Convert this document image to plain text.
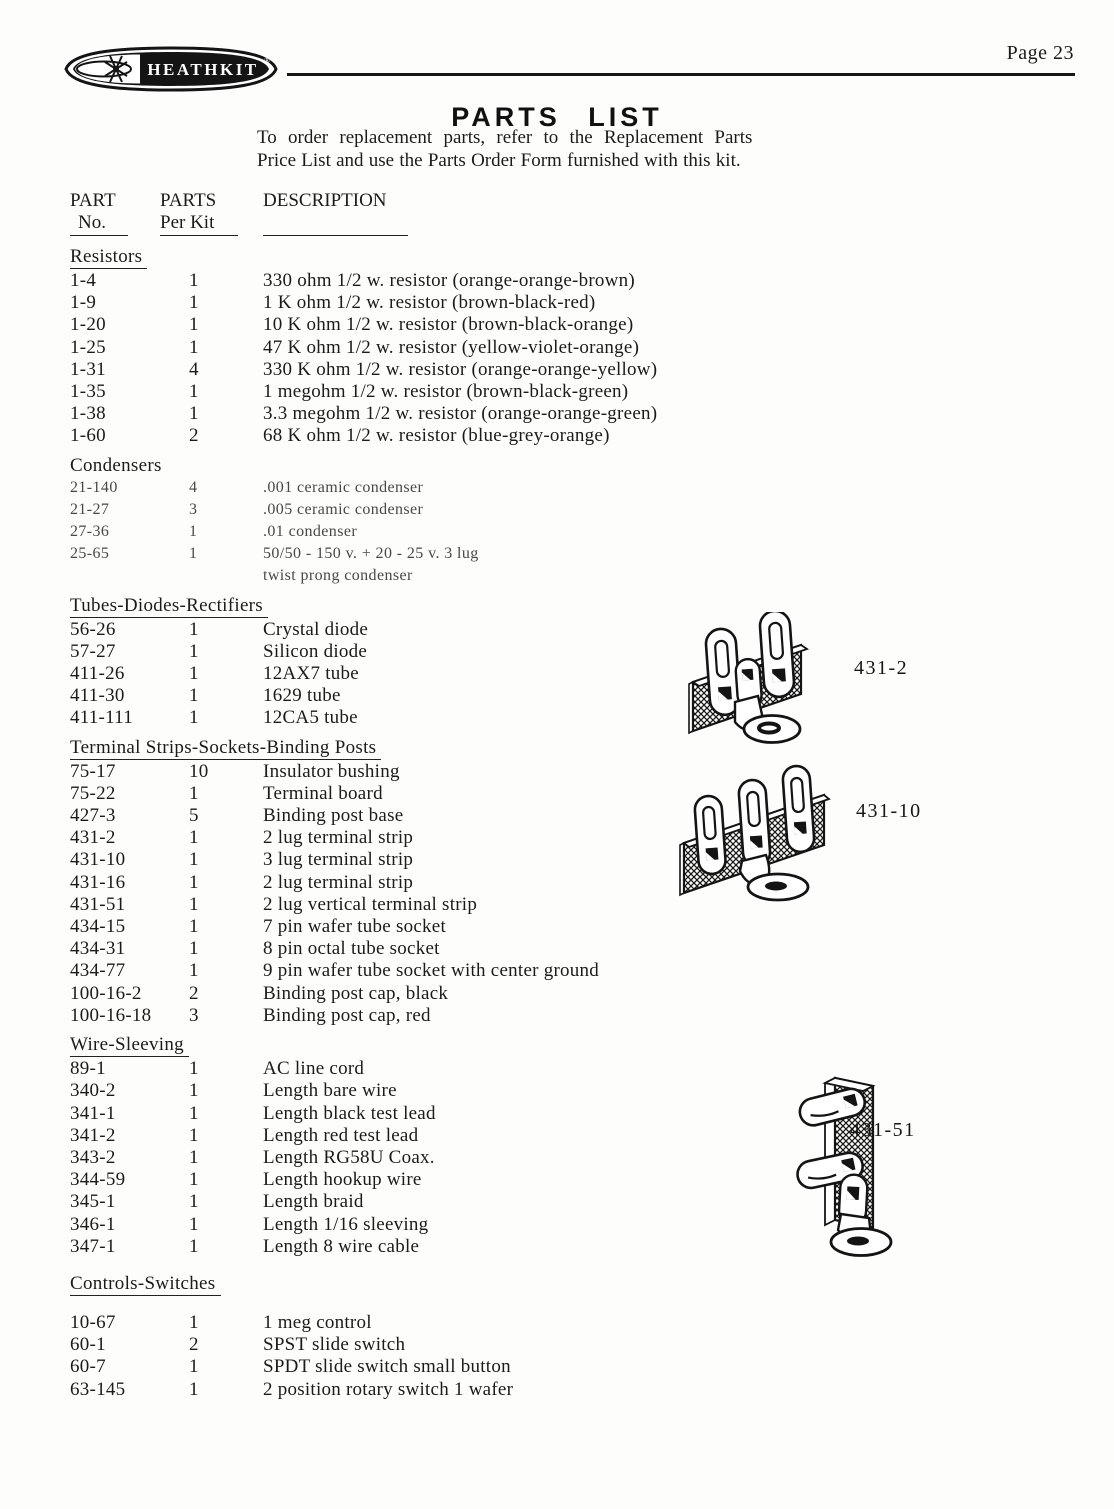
HEATHKIT ®	Page 23
PARTS LIST
To order replacement parts, refer to the Replacement Parts
Price List and use the Parts Order Form furnished with this kit.
PART
No.
PARTS
Per Kit
DESCRIPTION
Resistors
1-4	1	330 ohm 1/2 w. resistor (orange-orange-brown)
1-9	1	1 K ohm 1/2 w. resistor (brown-black-red)
1-20	1	10 K ohm 1/2 w. resistor (brown-black-orange)
1-25	1	47 K ohm 1/2 w. resistor (yellow-violet-orange)
1-31	4	330 K ohm 1/2 w. resistor (orange-orange-yellow)
1-35	1	1 megohm 1/2 w. resistor (brown-black-green)
1-38	1	3.3 megohm 1/2 w. resistor (orange-orange-green)
1-60	2	68 K ohm 1/2 w. resistor (blue-grey-orange)
Condensers
21-140	4	.001 ceramic condenser
21-27	3	.005 ceramic condenser
27-36	1	.01 condenser
25-65	1	50/50 - 150 v. + 20 - 25 v. 3 lug
twist prong condenser
Tubes-Diodes-Rectifiers
56-26	1	Crystal diode
57-27	1	Silicon diode
411-26	1	12AX7 tube
411-30	1	1629 tube
411-111	1	12CA5 tube
Terminal Strips-Sockets-Binding Posts
75-17	10	Insulator bushing
75-22	1	Terminal board
427-3	5	Binding post base
431-2	1	2 lug terminal strip
431-10	1	3 lug terminal strip
431-16	1	2 lug terminal strip
431-51	1	2 lug vertical terminal strip
434-15	1	7 pin wafer tube socket
434-31	1	8 pin octal tube socket
434-77	1	9 pin wafer tube socket with center ground
100-16-2	2	Binding post cap, black
100-16-18	3	Binding post cap, red
Wire-Sleeving
89-1	1	AC line cord
340-2	1	Length bare wire
341-1	1	Length black test lead
341-2	1	Length red test lead
343-2	1	Length RG58U Coax.
344-59	1	Length hookup wire
345-1	1	Length braid
346-1	1	Length 1/16 sleeving
347-1	1	Length 8 wire cable
Controls-Switches
10-67	1	1 meg control
60-1	2	SPST slide switch
60-7	1	SPDT slide switch small button
63-145	1	2 position rotary switch 1 wafer
431-2
431-10
431-51
